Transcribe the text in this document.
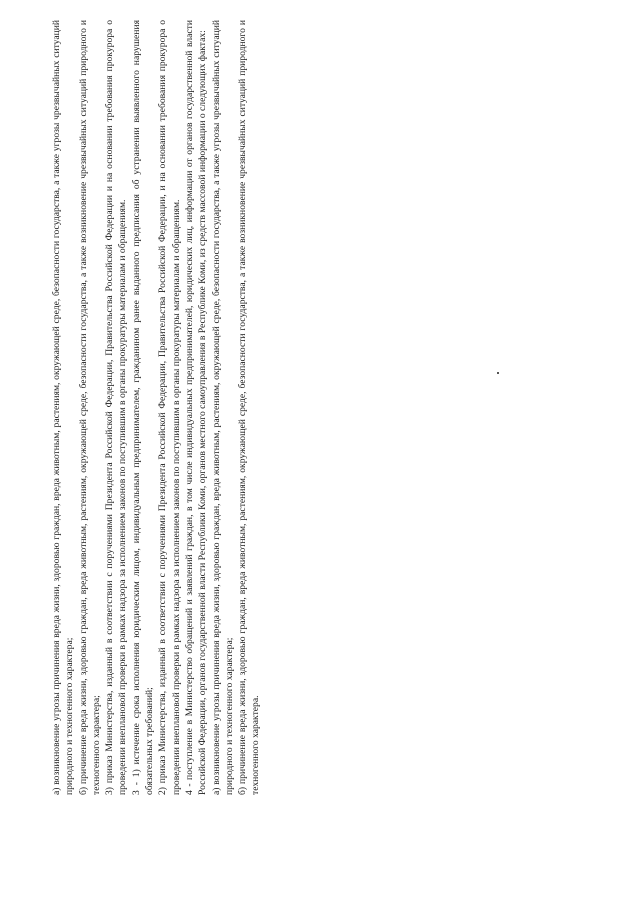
а) возникновение угрозы причинения вреда жизни, здоровью граждан, вреда животным, растениям, окружающей среде, безопасности государства, а также угрозы чрезвычайных ситуаций природного и техногенного характера; б) причинение вреда жизни, здоровью граждан, вреда животным, растениям, окружающей среде, безопасности государства, а также возникновение чрезвычайных ситуаций природного и техногенного характера; 3) приказ Министерства, изданный в соответствии с поручениями Президента Российской Федерации, Правительства Российской Федерации и на основании требования прокурора о проведении внеплановой проверки в рамках надзора за исполнением законов по поступившим в органы прокуратуры материалам и обращениям. 3 - 1) истечение срока исполнения юридическим лицом, индивидуальным предпринимателем, гражданином ранее выданного предписания об устранении выявленного нарушения обязательных требований; 2) приказ Министерства, изданный в соответствии с поручениями Президента Российской Федерации, Правительства Российской Федерации, и на основании требования прокурора о проведении внеплановой проверки в рамках надзора за исполнением законов по поступившим в органы прокуратуры материалам и обращениям. 4 - поступление в Министерство обращений и заявлений граждан, в том числе индивидуальных предпринимателей, юридических лиц, информации от органов государственной власти Российской Федерации, органов государственной власти Республики Коми, органов местного самоуправления в Республике Коми, из средств массовой информации о следующих фактах: а) возникновение угрозы причинения вреда жизни, здоровью граждан, вреда животным, растениям, окружающей среде, безопасности государства, а также угрозы чрезвычайных ситуаций природного и техногенного характера; б) причинение вреда жизни, здоровью граждан, вреда животным, растениям, окружающей среде, безопасности государства, а также возникновение чрезвычайных ситуаций природного и техногенного характера.
